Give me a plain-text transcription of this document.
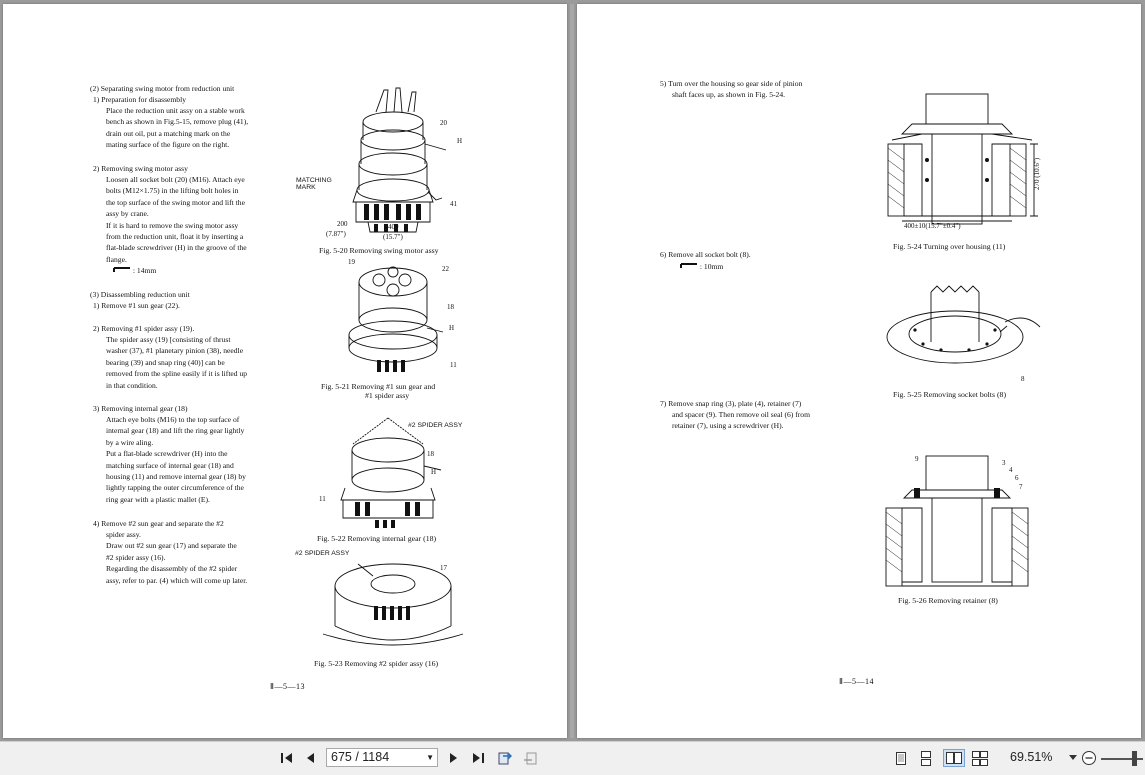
(2) Separating swing motor from reduction unit
1) Preparation for disassembly
Place the reduction unit assy on a stable work
bench as shown in Fig.5-15, remove plug (41),
drain out oil, put a matching mark on the
mating surface of the figure on the right.
2) Removing swing motor assy
Loosen all socket bolt (20) (M16). Attach eye
bolts (M12×1.75) in the lifting bolt holes in
the top surface of the swing motor and lift the
assy by crane.
If it is hard to remove the swing motor assy
from the reduction unit, float it by inserting a
flat-blade screwdriver (H) in the groove of the
flange.
: 14mm
(3) Disassembling reduction unit
1) Remove #1 sun gear (22).
2) Removing #1 spider assy (19).
The spider assy (19) [consisting of thrust
washer (37), #1 planetary pinion (38), needle
bearing (39) and snap ring (40)] can be
removed from the spline easily if it is lifted up
in that condition.
3) Removing internal gear (18)
Attach eye bolts (M16) to the top surface of
internal gear (18) and lift the ring gear lightly
by a wire aling.
Put a flat-blade screwdriver (H) into the
matching surface of internal gear (18) and
housing (11) and remove internal gear (18) by
lightly tapping the outer circumference of the
ring gear with a plastic mallet (E).
4) Remove #2 sun gear and separate the #2
spider assy.
Draw out #2 sun gear (17) and separate the
#2 spider assy (16).
Regarding the disassembly of the #2 spider
assy, refer to par. (4) which will come up later.
20
H
MATCHING
MARK
41
200
(7.87")
400
(15.7")
Fig. 5-20 Removing swing motor assy
19
22
18
H
11
Fig. 5-21 Removing #1 sun gear and
#1 spider assy
#2 SPIDER ASSY
18
H
11
Fig. 5-22 Removing internal gear (18)
#2 SPIDER ASSY
17
Fig. 5-23 Removing #2 spider assy (16)
Ⅱ—5—13
5) Turn over the housing so gear side of pinion
shaft faces up, as shown in Fig. 5-24.
6) Remove all socket bolt (8).
: 10mm
7) Remove snap ring (3), plate (4), retainer (7)
and spacer (9). Then remove oil seal (6) from
retainer (7), using a screwdriver (H).
400±10(15.7"±0.4")
270 (10.6")
Fig. 5-24 Turning over housing (11)
8
Fig. 5-25 Removing socket bolts (8)
9	3
4
6
7
Fig. 5-26 Removing retainer (8)
Ⅱ—5—14
675 / 1184	▼	69.51%
